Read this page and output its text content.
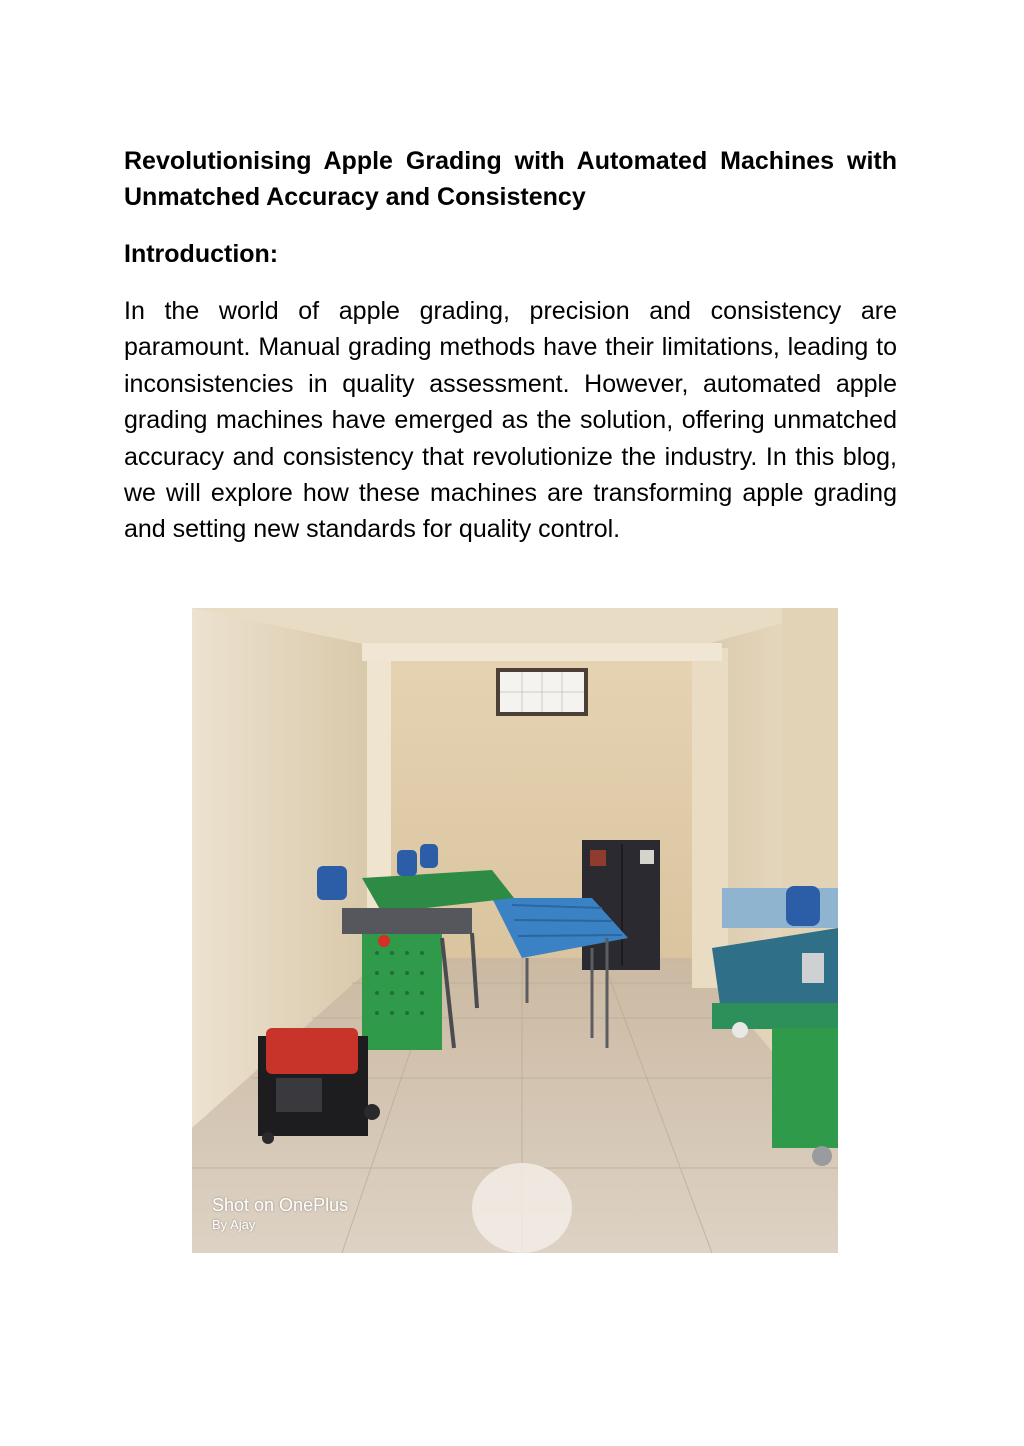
Revolutionising Apple Grading with Automated Machines with Unmatched Accuracy and Consistency
Introduction:

In the world of apple grading, precision and consistency are paramount. Manual grading methods have their limitations, leading to inconsistencies in quality assessment. However, automated apple grading machines have emerged as the solution, offering unmatched accuracy and consistency that revolutionize the industry. In this blog, we will explore how these machines are transforming apple grading and setting new standards for quality control.

Shot on OnePlus
By Ajay
